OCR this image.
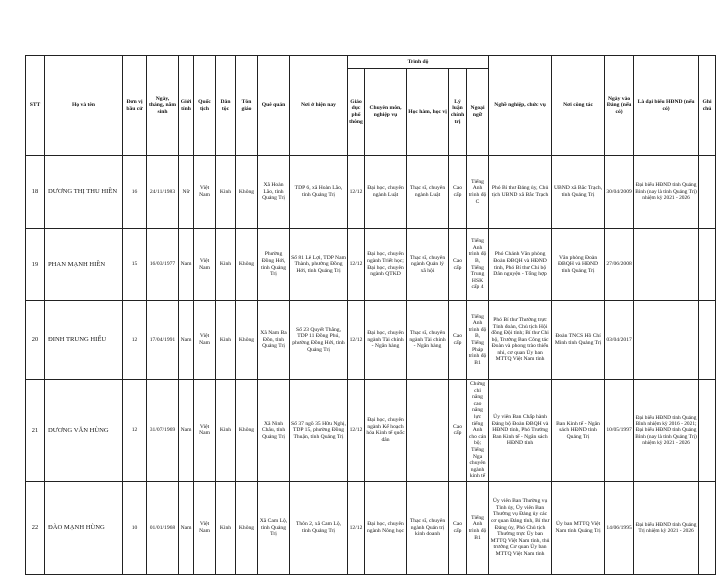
STT	Họ và tên	Đơn vị bầu cử	Ngày, tháng, năm sinh	Giới tính	Quốc tịch	Dân tộc	Tôn giáo	Quê quán	Nơi ở hiện nay	Trình độ					Nghề nghiệp, chức vụ	Nơi công tác	Ngày vào Đảng (nếu có)	Là đại biểu HĐND (nếu có)	Ghi chú
										Giáo dục phổ thông	Chuyên môn, nghiệp vụ	Học hàm, học vị	Lý luận chính trị	Ngoại ngữ					
18	DƯƠNG THỊ THU HIỀN	16	24/11/1983	Nữ	Việt Nam	Kinh	Không	Xã Hoàn Lão, tỉnh Quảng Trị	TDP 6, xã Hoàn Lão, tỉnh Quảng Trị	12/12	Đại học, chuyên ngành Luật	Thạc sĩ, chuyên ngành Luật	Cao cấp	Tiếng Anh trình độ C	Phó Bí thư Đảng ủy, Chủ tịch UBND xã Bắc Trạch	UBND xã Bắc Trạch, tỉnh Quảng Trị	30/04/2009	Đại biểu HĐND tỉnh Quảng Bình (nay là tỉnh Quảng Trị) nhiệm kỳ 2021 - 2026	
19	PHAN MẠNH HIỀN	15	16/03/1977	Nam	Việt Nam	Kinh	Không	Phường Đồng Hới, tỉnh Quảng Trị	Số 81 Lê Lợi, TDP Nam Thành, phường Đồng Hới, tỉnh Quảng Trị	12/12	Đại học, chuyên ngành Triết học; Đại học, chuyên ngành QTKD	Thạc sĩ, chuyên ngành Quản lý xã hội	Cao cấp	Tiếng Anh trình độ B, Tiếng Trung HSK cấp 4	Phó Chánh Văn phòng Đoàn ĐBQH và HĐND tỉnh, Phó Bí thư Chi bộ Dân nguyện - Tổng hợp	Văn phòng Đoàn ĐBQH và HĐND tỉnh Quảng Trị	27/06/2008		
20	ĐINH TRUNG HIẾU	12	17/04/1991	Nam	Việt Nam	Kinh	Không	Xã Nam Ba Đồn, tỉnh Quảng Trị	Số 23 Quyết Thắng, TDP 11 Đồng Phú, phường Đồng Hới, tỉnh Quảng Trị	12/12	Đại học, chuyên ngành Tài chính - Ngân hàng	Thạc sĩ, chuyên ngành Tài chính - Ngân hàng	Cao cấp	Tiếng Anh trình độ B, Tiếng Pháp trình độ B1	Phó Bí thư Thường trực Tỉnh đoàn, Chủ tịch Hội đồng Đội tỉnh; Bí thư Chi bộ, Trưởng Ban Công tác Đoàn và phong trào thiếu nhi, cơ quan Ủy ban MTTQ Việt Nam tỉnh	Đoàn TNCS Hồ Chí Minh tỉnh Quảng Trị	03/04/2017		
21	DƯƠNG VĂN HÙNG	12	31/07/1969	Nam	Việt Nam	Kinh	Không	Xã Ninh Châu, tỉnh Quảng Trị	Số 37 ngõ 35 Hữu Nghị, TDP 15, phường Đồng Thuận, tỉnh Quảng Trị	12/12	Đại học, chuyên ngành Kế hoạch hóa Kinh tế quốc dân		Cao cấp	Chứng chỉ năng cao năng lực tiếng Anh cho cán bộ; Tiếng Nga chuyên ngành kinh tế	Ủy viên Ban Chấp hành Đảng bộ Đoàn ĐBQH và HĐND tỉnh, Phó Trưởng Ban Kinh tế - Ngân sách HĐND tỉnh	Ban Kinh tế - Ngân sách HĐND tỉnh Quảng Trị	10/05/1997	Đại biểu HĐND tỉnh Quảng Bình nhiệm kỳ 2016 - 2021; Đại biểu HĐND tỉnh Quảng Bình (nay là tỉnh Quảng Trị) nhiệm kỳ 2021 - 2026	
22	ĐÀO MẠNH HÙNG	10	01/01/1968	Nam	Việt Nam	Kinh	Không	Xã Cam Lộ, tỉnh Quảng Trị	Thôn 2, xã Cam Lộ, tỉnh Quảng Trị	12/12	Đại học, chuyên ngành Nông học	Thạc sĩ, chuyên ngành Quản trị kinh doanh	Cao cấp	Tiếng Anh trình độ B1	Ủy viên Ban Thường vụ Tỉnh ủy, Ủy viên Ban Thường vụ Đảng ủy các cơ quan Đảng tỉnh, Bí thư Đảng ủy, Phó Chủ tịch Thường trực Ủy ban MTTQ Việt Nam tỉnh, thủ trưởng Cơ quan Ủy ban MTTQ Việt Nam tỉnh	Ủy ban MTTQ Việt Nam tỉnh Quảng Trị	14/06/1995	Đại biểu HĐND tỉnh Quảng Trị nhiệm kỳ 2021 - 2026	
